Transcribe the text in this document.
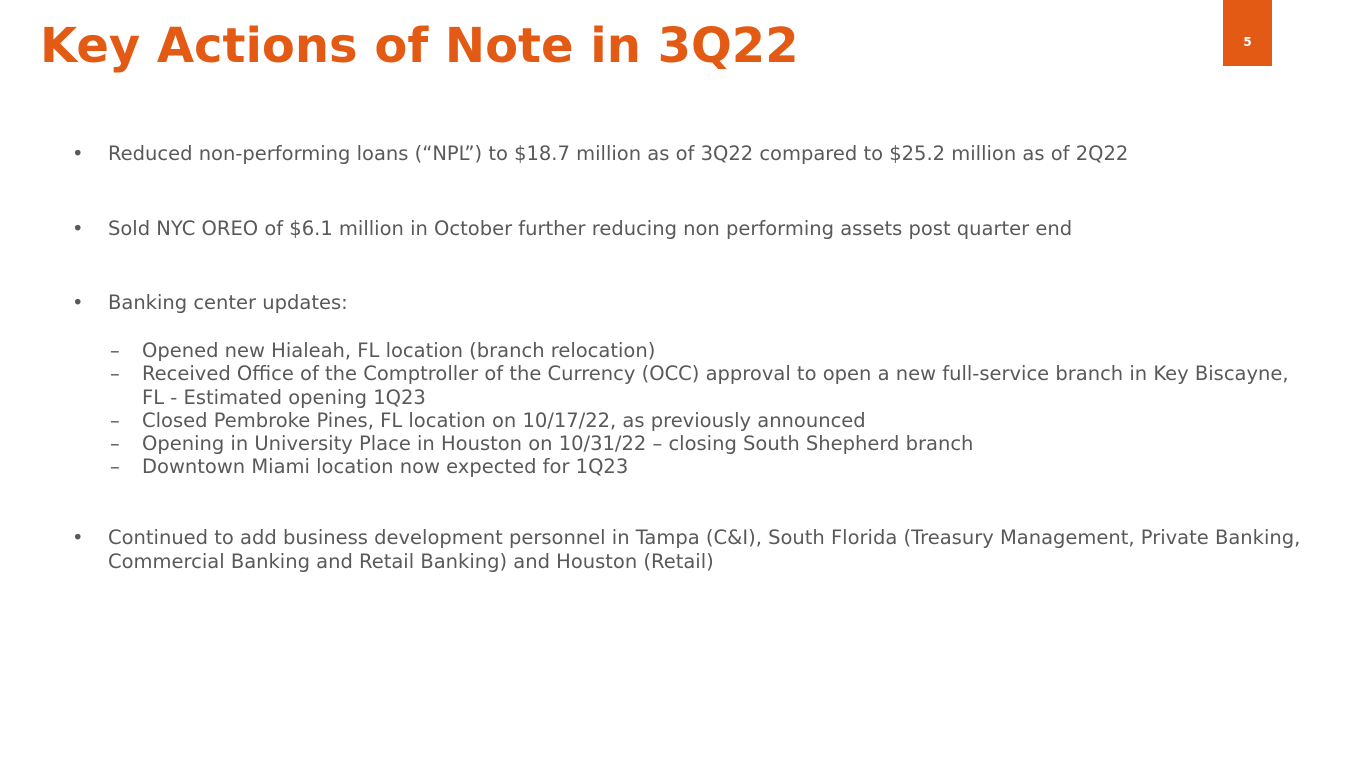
Key Actions of Note in 3Q22	5
•	Reduced non-performing loans (“NPL”) to $18.7 million as of 3Q22 compared to $25.2 million as of 2Q22
•	Sold NYC OREO of $6.1 million in October further reducing non performing assets post quarter end
•	Banking center updates:
– Opened new Hialeah, FL location (branch relocation)
– Received Office of the Comptroller of the Currency (OCC) approval to open a new full-service branch in Key Biscayne, FL - Estimated opening 1Q23
– Closed Pembroke Pines, FL location on 10/17/22, as previously announced
– Opening in University Place in Houston on 10/31/22 – closing South Shepherd branch
– Downtown Miami location now expected for 1Q23
•	Continued to add business development personnel in Tampa (C&I), South Florida (Treasury Management, Private Banking, Commercial Banking and Retail Banking) and Houston (Retail)
